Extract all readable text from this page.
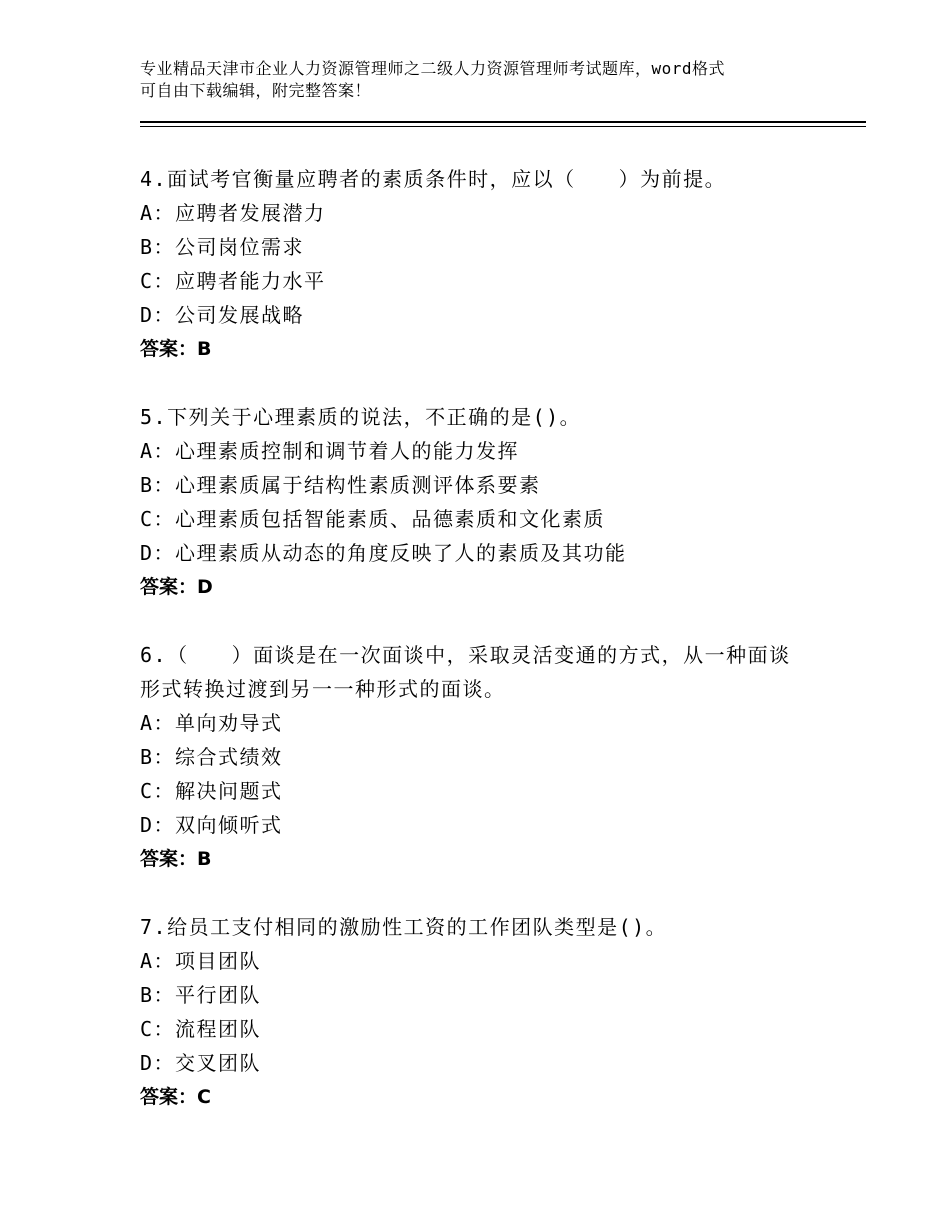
专业精品天津市企业人力资源管理师之二级人力资源管理师考试题库，word格式
可自由下载编辑，附完整答案！
4.面试考官衡量应聘者的素质条件时，应以（　　）为前提。
A：应聘者发展潜力
B：公司岗位需求
C：应聘者能力水平
D：公司发展战略
答案：B
5.下列关于心理素质的说法，不正确的是()。
A：心理素质控制和调节着人的能力发挥
B：心理素质属于结构性素质测评体系要素
C：心理素质包括智能素质、品德素质和文化素质
D：心理素质从动态的角度反映了人的素质及其功能
答案：D
6.（　　）面谈是在一次面谈中，采取灵活变通的方式，从一种面谈
形式转换过渡到另一一种形式的面谈。
A：单向劝导式
B：综合式绩效
C：解决问题式
D：双向倾听式
答案：B
7.给员工支付相同的激励性工资的工作团队类型是()。
A：项目团队
B：平行团队
C：流程团队
D：交叉团队
答案：C
